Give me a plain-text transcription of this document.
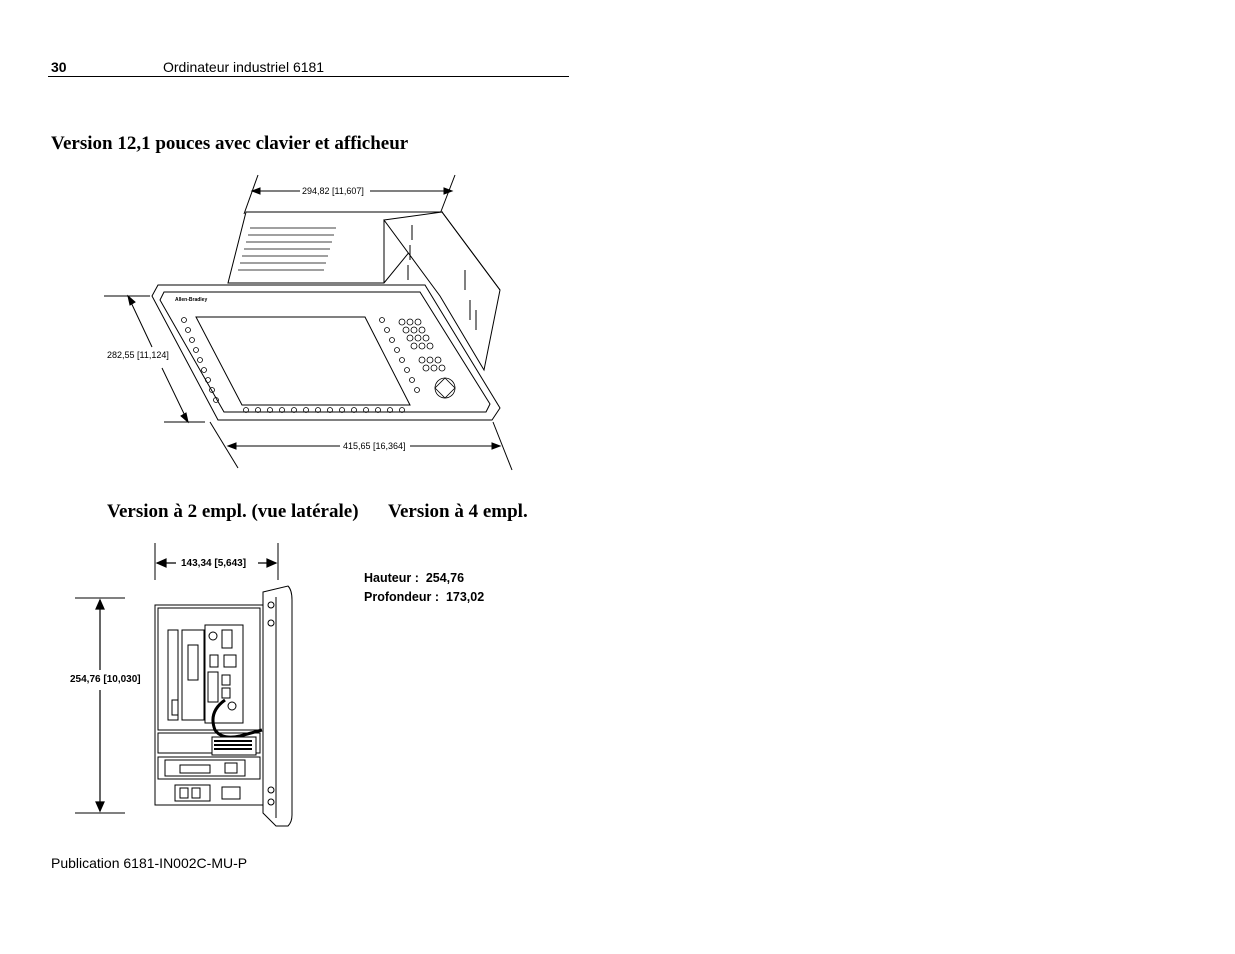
30	Ordinateur industriel 6181
Version 12,1 pouces avec clavier et afficheur
Version à 2 empl. (vue latérale) Version à 4 empl.
294,82 [11,607]
282,55 [11,124]
415,65 [16,364]
Allen-Bradley
143,34 [5,643]
254,76 [10,030]
Hauteur : 254,76
Profondeur : 173,02
Publication 6181-IN002C-MU-P
